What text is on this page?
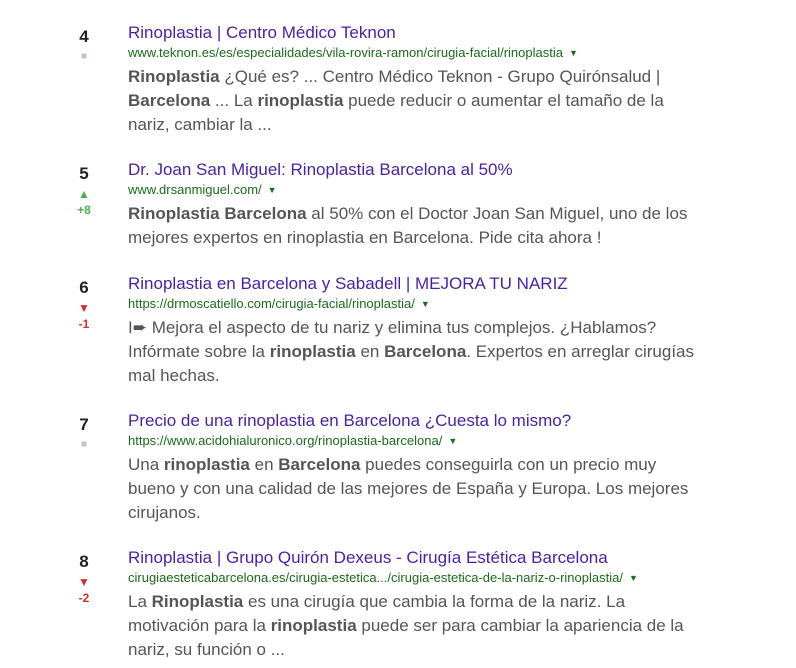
4
■
Rinoplastia | Centro Médico Teknon
www.teknon.es/es/especialidades/vila-rovira-ramon/cirugia-facial/rinoplastia ▼
Rinoplastia ¿Qué es? ... Centro Médico Teknon - Grupo Quirónsalud |
Barcelona ... La rinoplastia puede reducir o aumentar el tamaño de la
nariz, cambiar la ...
5
▲
+8
Dr. Joan San Miguel: Rinoplastia Barcelona al 50%
www.drsanmiguel.com/ ▼
Rinoplastia Barcelona al 50% con el Doctor Joan San Miguel, uno de los
mejores expertos en rinoplastia en Barcelona. Pide cita ahora !
6
▼
-1
Rinoplastia en Barcelona y Sabadell | MEJORA TU NARIZ
https://drmoscatiello.com/cirugia-facial/rinoplastia/ ▼
I➨ Mejora el aspecto de tu nariz y elimina tus complejos. ¿Hablamos?
Infórmate sobre la rinoplastia en Barcelona. Expertos en arreglar cirugías
mal hechas.
7
■
Precio de una rinoplastia en Barcelona ¿Cuesta lo mismo?
https://www.acidohialuronico.org/rinoplastia-barcelona/ ▼
Una rinoplastia en Barcelona puedes conseguirla con un precio muy
bueno y con una calidad de las mejores de España y Europa. Los mejores
cirujanos.
8
▼
-2
Rinoplastia | Grupo Quirón Dexeus - Cirugía Estética Barcelona
cirugiaesteticabarcelona.es/cirugia-estetica.../cirugia-estetica-de-la-nariz-o-rinoplastia/ ▼
La Rinoplastia es una cirugía que cambia la forma de la nariz. La
motivación para la rinoplastia puede ser para cambiar la apariencia de la
nariz, su función o ...
